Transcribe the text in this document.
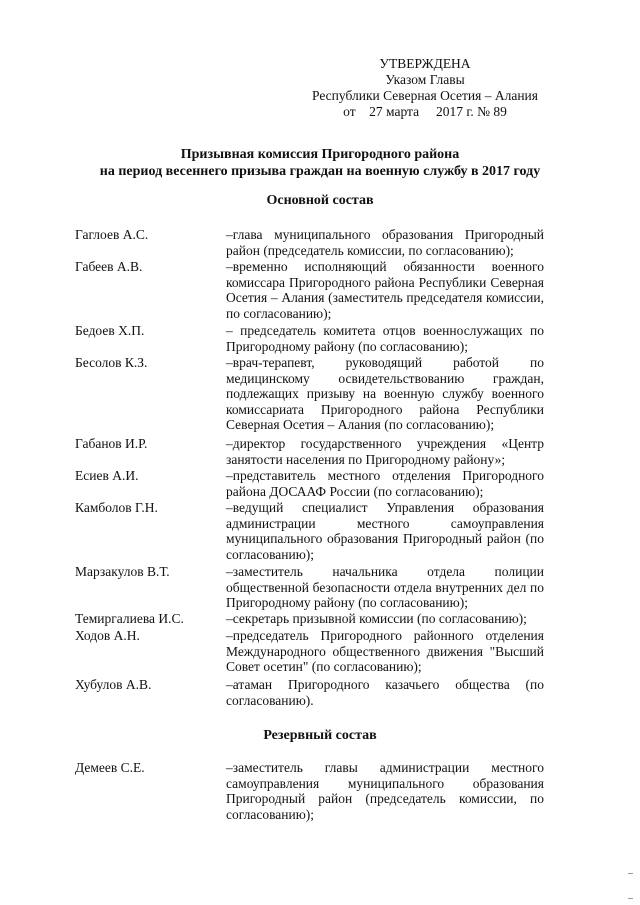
УТВЕРЖДЕНА
Указом Главы
Республики Северная Осетия – Алания
от    27 марта     2017 г. № 89
Призывная комиссия Пригородного района
на период весеннего призыва граждан на военную службу в 2017 году
Основной состав
Гаглоев А.С.	–глава муниципального образования Пригородный район (председатель комиссии, по согласованию);
Габеев А.В.	–временно исполняющий обязанности военного комиссара Пригородного района Республики Северная Осетия – Алания (заместитель председателя комиссии, по согласованию);
Бедоев Х.П.	– председатель комитета отцов военнослужащих по Пригородному району (по согласованию);
Бесолов К.З.	–врач-терапевт, руководящий работой по медицинскому освидетельствованию граждан, подлежащих призыву на военную службу военного комиссариата Пригородного района Республики Северная Осетия – Алания (по согласованию);
Габанов И.Р.	–директор государственного учреждения «Центр занятости населения по Пригородному району»;
Есиев А.И.	–представитель местного отделения Пригородного района ДОСААФ России (по согласованию);
Камболов Г.Н.	–ведущий специалист Управления образования администрации местного самоуправления муниципального образования Пригородный район (по согласованию);
Марзакулов В.Т.	–заместитель начальника отдела полиции общественной безопасности отдела внутренних дел по Пригородному району (по согласованию);
Темиргалиева И.С.	–секретарь призывной комиссии (по согласованию);
Ходов А.Н.	–председатель Пригородного районного отделения Международного общественного движения "Высший Совет осетин" (по согласованию);
Хубулов А.В.	–атаман Пригородного казачьего общества (по согласованию).
Резервный состав
Демеев С.Е.	–заместитель главы администрации местного самоуправления муниципального образования Пригородный район (председатель комиссии, по согласованию);
